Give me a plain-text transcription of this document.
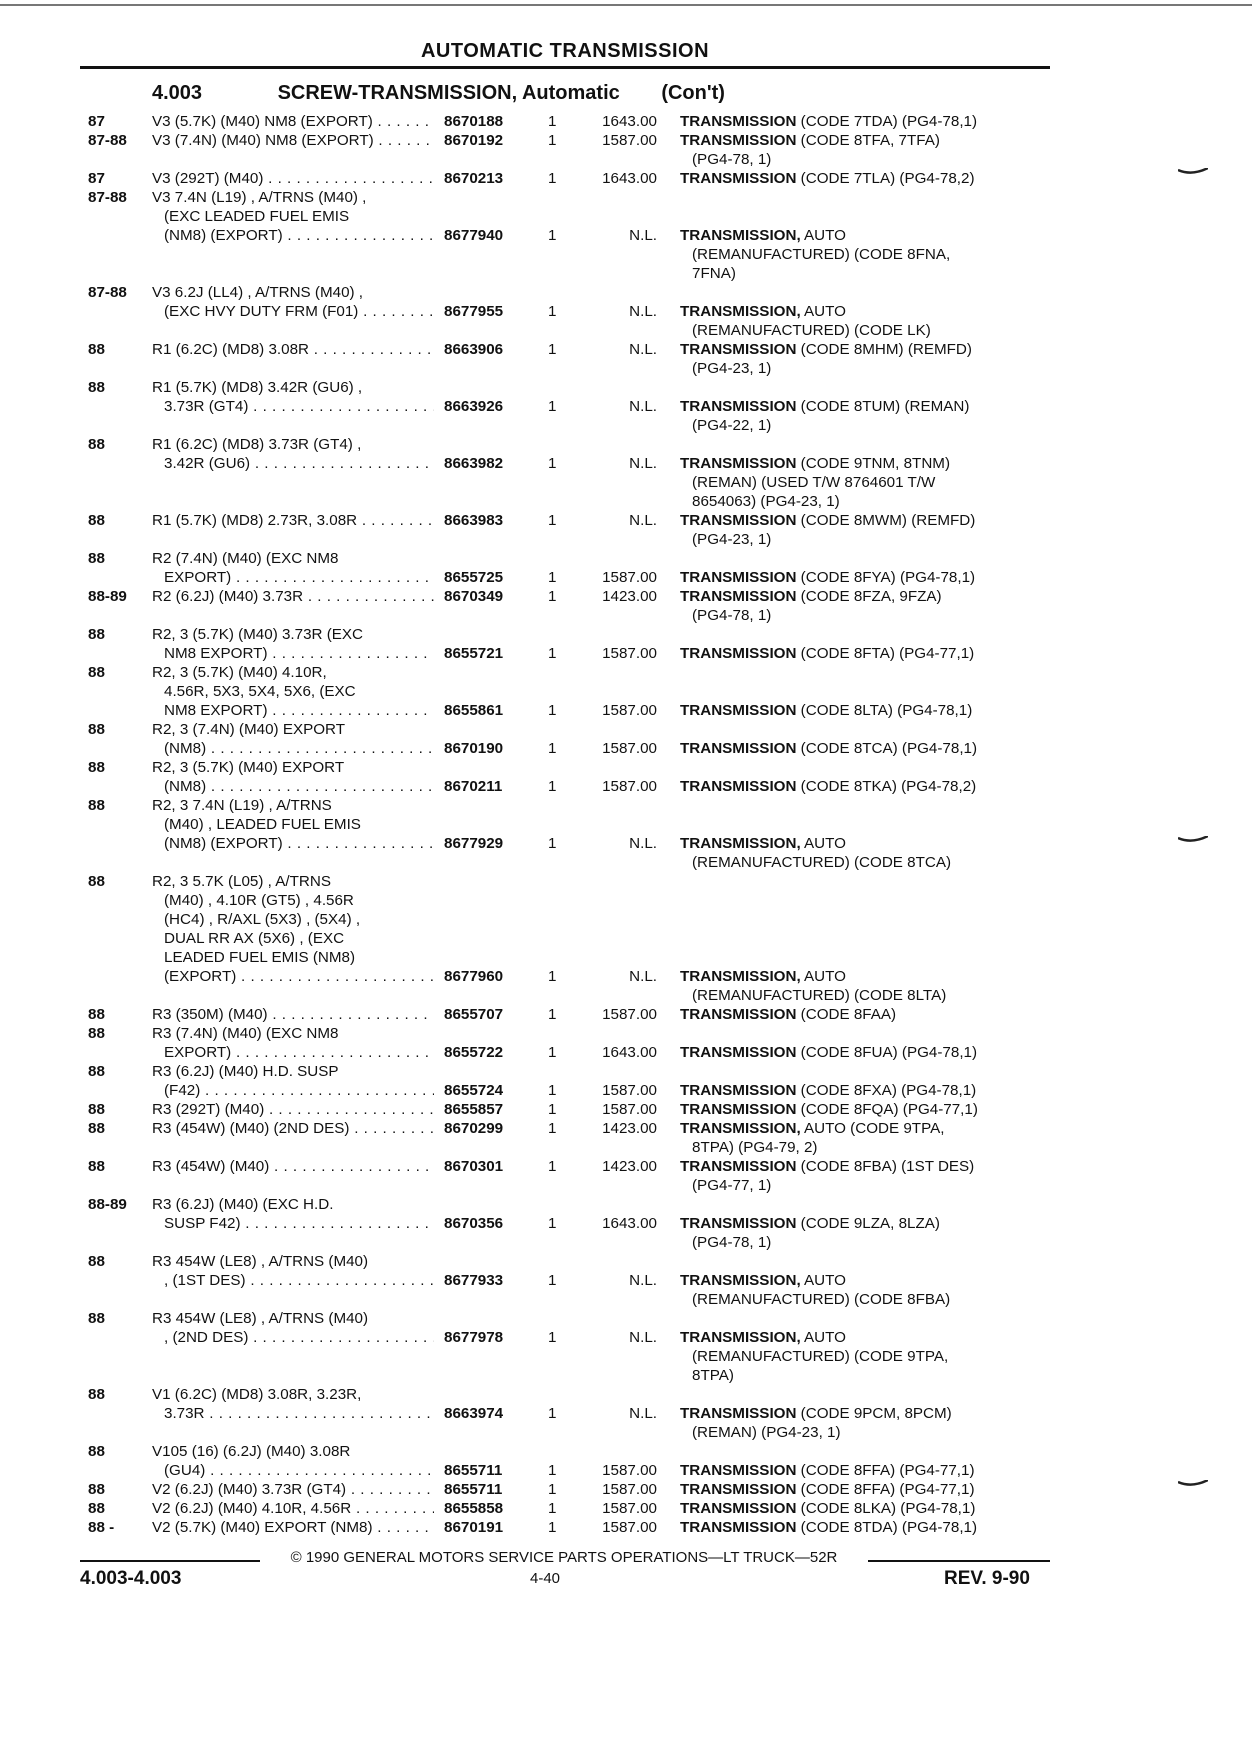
AUTOMATIC TRANSMISSION
4.003	SCREW-TRANSMISSION, Automatic (Con't)
87	V3 (5.7K) (M40) NM8 (EXPORT) . . .	8670188	1	1643.00 TRANSMISSION (CODE 7TDA) (PG4-78,1)
87-88	V3 (7.4N) (M40) NM8 (EXPORT) . . .	8670192	1	1587.00 TRANSMISSION (CODE 8TFA, 7TFA)
(PG4-78, 1)
87	V3 (292T) (M40) . . .	8670213	1	1643.00 TRANSMISSION (CODE 7TLA) (PG4-78,2)
87-88	V3 7.4N (L19) , A/TRNS (M40) ,
(EXC LEADED FUEL EMIS
(NM8) (EXPORT) . . .	8677940	1	N.L. TRANSMISSION, AUTO
(REMANUFACTURED) (CODE 8FNA,
7FNA)
87-88	V3 6.2J (LL4) , A/TRNS (M40) ,
(EXC HVY DUTY FRM (F01) . . .	8677955	1	N.L. TRANSMISSION, AUTO
(REMANUFACTURED) (CODE LK)
88	R1 (6.2C) (MD8) 3.08R . . .	8663906	1	N.L. TRANSMISSION (CODE 8MHM) (REMFD)
(PG4-23, 1)
88	R1 (5.7K) (MD8) 3.42R (GU6) ,
3.73R (GT4) . . .	8663926	1	N.L. TRANSMISSION (CODE 8TUM) (REMAN)
(PG4-22, 1)
88	R1 (6.2C) (MD8) 3.73R (GT4) ,
3.42R (GU6) . . .	8663982	1	N.L. TRANSMISSION (CODE 9TNM, 8TNM)
(REMAN) (USED T/W 8764601 T/W
8654063) (PG4-23, 1)
88	R1 (5.7K) (MD8) 2.73R, 3.08R . . .	8663983	1	N.L. TRANSMISSION (CODE 8MWM) (REMFD)
(PG4-23, 1)
88	R2 (7.4N) (M40) (EXC NM8
EXPORT) . . .	8655725	1	1587.00 TRANSMISSION (CODE 8FYA) (PG4-78,1)
88-89	R2 (6.2J) (M40) 3.73R . . .	8670349	1	1423.00 TRANSMISSION (CODE 8FZA, 9FZA)
(PG4-78, 1)
88	R2, 3 (5.7K) (M40) 3.73R (EXC
NM8 EXPORT) . . .	8655721	1	1587.00 TRANSMISSION (CODE 8FTA) (PG4-77,1)
88	R2, 3 (5.7K) (M40) 4.10R,
4.56R, 5X3, 5X4, 5X6, (EXC
NM8 EXPORT) . . .	8655861	1	1587.00 TRANSMISSION (CODE 8LTA) (PG4-78,1)
88	R2, 3 (7.4N) (M40) EXPORT
(NM8) . . .	8670190	1	1587.00 TRANSMISSION (CODE 8TCA) (PG4-78,1)
88	R2, 3 (5.7K) (M40) EXPORT
(NM8) . . .	8670211	1	1587.00 TRANSMISSION (CODE 8TKA) (PG4-78,2)
88	R2, 3 7.4N (L19) , A/TRNS
(M40) , LEADED FUEL EMIS
(NM8) (EXPORT) . . .	8677929	1	N.L. TRANSMISSION, AUTO
(REMANUFACTURED) (CODE 8TCA)
88	R2, 3 5.7K (L05) , A/TRNS
(M40) , 4.10R (GT5) , 4.56R
(HC4) , R/AXL (5X3) , (5X4) ,
DUAL RR AX (5X6) , (EXC
LEADED FUEL EMIS (NM8)
(EXPORT) . . .	8677960	1	N.L. TRANSMISSION, AUTO
(REMANUFACTURED) (CODE 8LTA)
88	R3 (350M) (M40) . . .	8655707	1	1587.00 TRANSMISSION (CODE 8FAA)
88	R3 (7.4N) (M40) (EXC NM8
EXPORT) . . .	8655722	1	1643.00 TRANSMISSION (CODE 8FUA) (PG4-78,1)
88	R3 (6.2J) (M40) H.D. SUSP
(F42) . . .	8655724	1	1587.00 TRANSMISSION (CODE 8FXA) (PG4-78,1)
88	R3 (292T) (M40) . . .	8655857	1	1587.00 TRANSMISSION (CODE 8FQA) (PG4-77,1)
88	R3 (454W) (M40) (2ND DES) . . .	8670299	1	1423.00 TRANSMISSION, AUTO (CODE 9TPA,
8TPA) (PG4-79, 2)
88	R3 (454W) (M40) . . .	8670301	1	1423.00 TRANSMISSION (CODE 8FBA) (1ST DES)
(PG4-77, 1)
88-89	R3 (6.2J) (M40) (EXC H.D.
SUSP F42) . . .	8670356	1	1643.00 TRANSMISSION (CODE 9LZA, 8LZA)
(PG4-78, 1)
88	R3 454W (LE8) , A/TRNS (M40)
, (1ST DES) . . .	8677933	1	N.L. TRANSMISSION, AUTO
(REMANUFACTURED) (CODE 8FBA)
88	R3 454W (LE8) , A/TRNS (M40)
, (2ND DES) . . .	8677978	1	N.L. TRANSMISSION, AUTO
(REMANUFACTURED) (CODE 9TPA,
8TPA)
88	V1 (6.2C) (MD8) 3.08R, 3.23R,
3.73R . . .	8663974	1	N.L. TRANSMISSION (CODE 9PCM, 8PCM)
(REMAN) (PG4-23, 1)
88	V105 (16) (6.2J) (M40) 3.08R
(GU4) . . .	8655711	1	1587.00 TRANSMISSION (CODE 8FFA) (PG4-77,1)
88	V2 (6.2J) (M40) 3.73R (GT4) . . .	8655711	1	1587.00 TRANSMISSION (CODE 8FFA) (PG4-77,1)
88	V2 (6.2J) (M40) 4.10R, 4.56R . . .	8655858	1	1587.00 TRANSMISSION (CODE 8LKA) (PG4-78,1)
88 -	V2 (5.7K) (M40) EXPORT (NM8) . . .	8670191	1	1587.00 TRANSMISSION (CODE 8TDA) (PG4-78,1)
© 1990 GENERAL MOTORS SERVICE PARTS OPERATIONS—LT TRUCK—52R
4.003-4.003	4-40	REV. 9-90
